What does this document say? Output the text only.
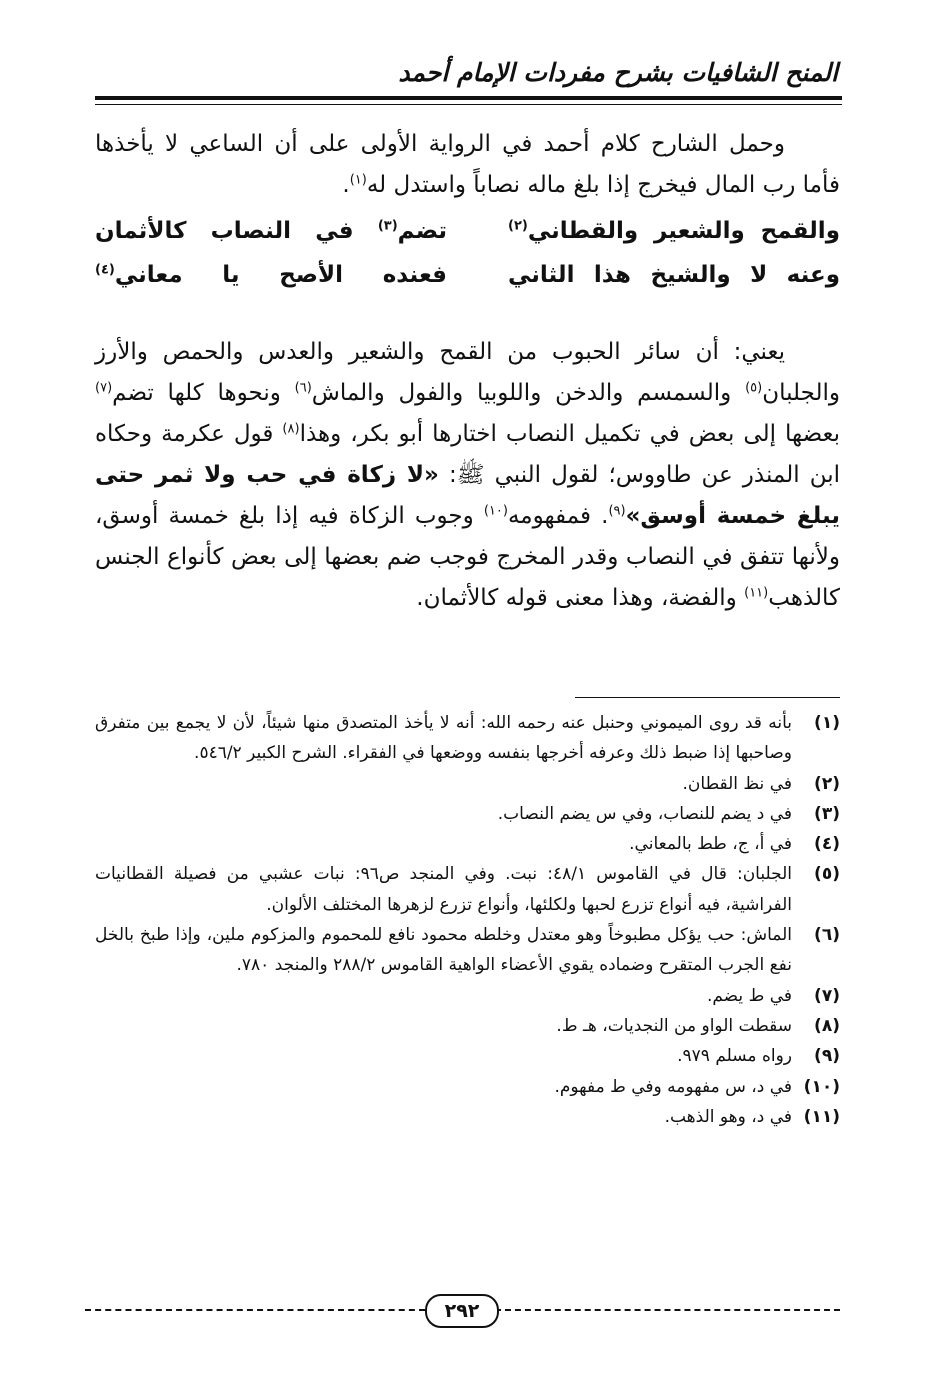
المنح الشافيات بشرح مفردات الإمام أحمد

وحمل الشارح كلام أحمد في الرواية الأولى على أن الساعي لا يأخذها فأما رب المال فيخرج إذا بلغ ماله نصاباً واستدل له$^{(١)}$.

والقمح والشعير والقطاني$^{(٢)}$
تضم$^{(٣)}$ في النصاب كالأثمان
وعنه لا والشيخ هذا الثاني
فعنده الأصح يا معاني$^{(٤)}$

يعني: أن سائر الحبوب من القمح والشعير والعدس والحمص والأرز والجلبان$^{(٥)}$ والسمسم والدخن واللوبيا والفول والماش$^{(٦)}$ ونحوها كلها تضم$^{(٧)}$ بعضها إلى بعض في تكميل النصاب اختارها أبو بكر، وهذا$^{(٨)}$ قول عكرمة وحكاه ابن المنذر عن طاووس؛ لقول النبي ﷺ: «لا زكاة في حب ولا ثمر حتى يبلغ خمسة أوسق»$^{(٩)}$. فمفهومه$^{(١٠)}$ وجوب الزكاة فيه إذا بلغ خمسة أوسق، ولأنها تتفق في النصاب وقدر المخرج فوجب ضم بعضها إلى بعض كأنواع الجنس كالذهب$^{(١١)}$ والفضة، وهذا معنى قوله كالأثمان.

(١)
بأنه قد روى الميموني وحنبل عنه رحمه الله: أنه لا يأخذ المتصدق منها شيئاً، لأن لا يجمع بين متفرق وصاحبها إذا ضبط ذلك وعرفه أخرجها بنفسه ووضعها في الفقراء. الشرح الكبير ٥٤٦/٢.
(٢)
في نظ القطان.
(٣)
في د يضم للنصاب، وفي س يضم النصاب.
(٤)
في أ، ج، طط بالمعاني.
(٥)
الجلبان: قال في القاموس ٤٨/١: نبت. وفي المنجد ص٩٦: نبات عشبي من فصيلة القطانيات الفراشية، فيه أنواع تزرع لحبها ولكلئها، وأنواع تزرع لزهرها المختلف الألوان.
(٦)
الماش: حب يؤكل مطبوخاً وهو معتدل وخلطه محمود نافع للمحموم والمزكوم ملين، وإذا طبخ بالخل نفع الجرب المتقرح وضماده يقوي الأعضاء الواهية القاموس ٢٨٨/٢ والمنجد ٧٨٠.
(٧)
في ط يضم.
(٨)
سقطت الواو من النجديات، هـ ط.
(٩)
رواه مسلم ٩٧٩.
(١٠)
في د، س مفهومه وفي ط مفهوم.
(١١)
في د، وهو الذهب.
٢٩٢
